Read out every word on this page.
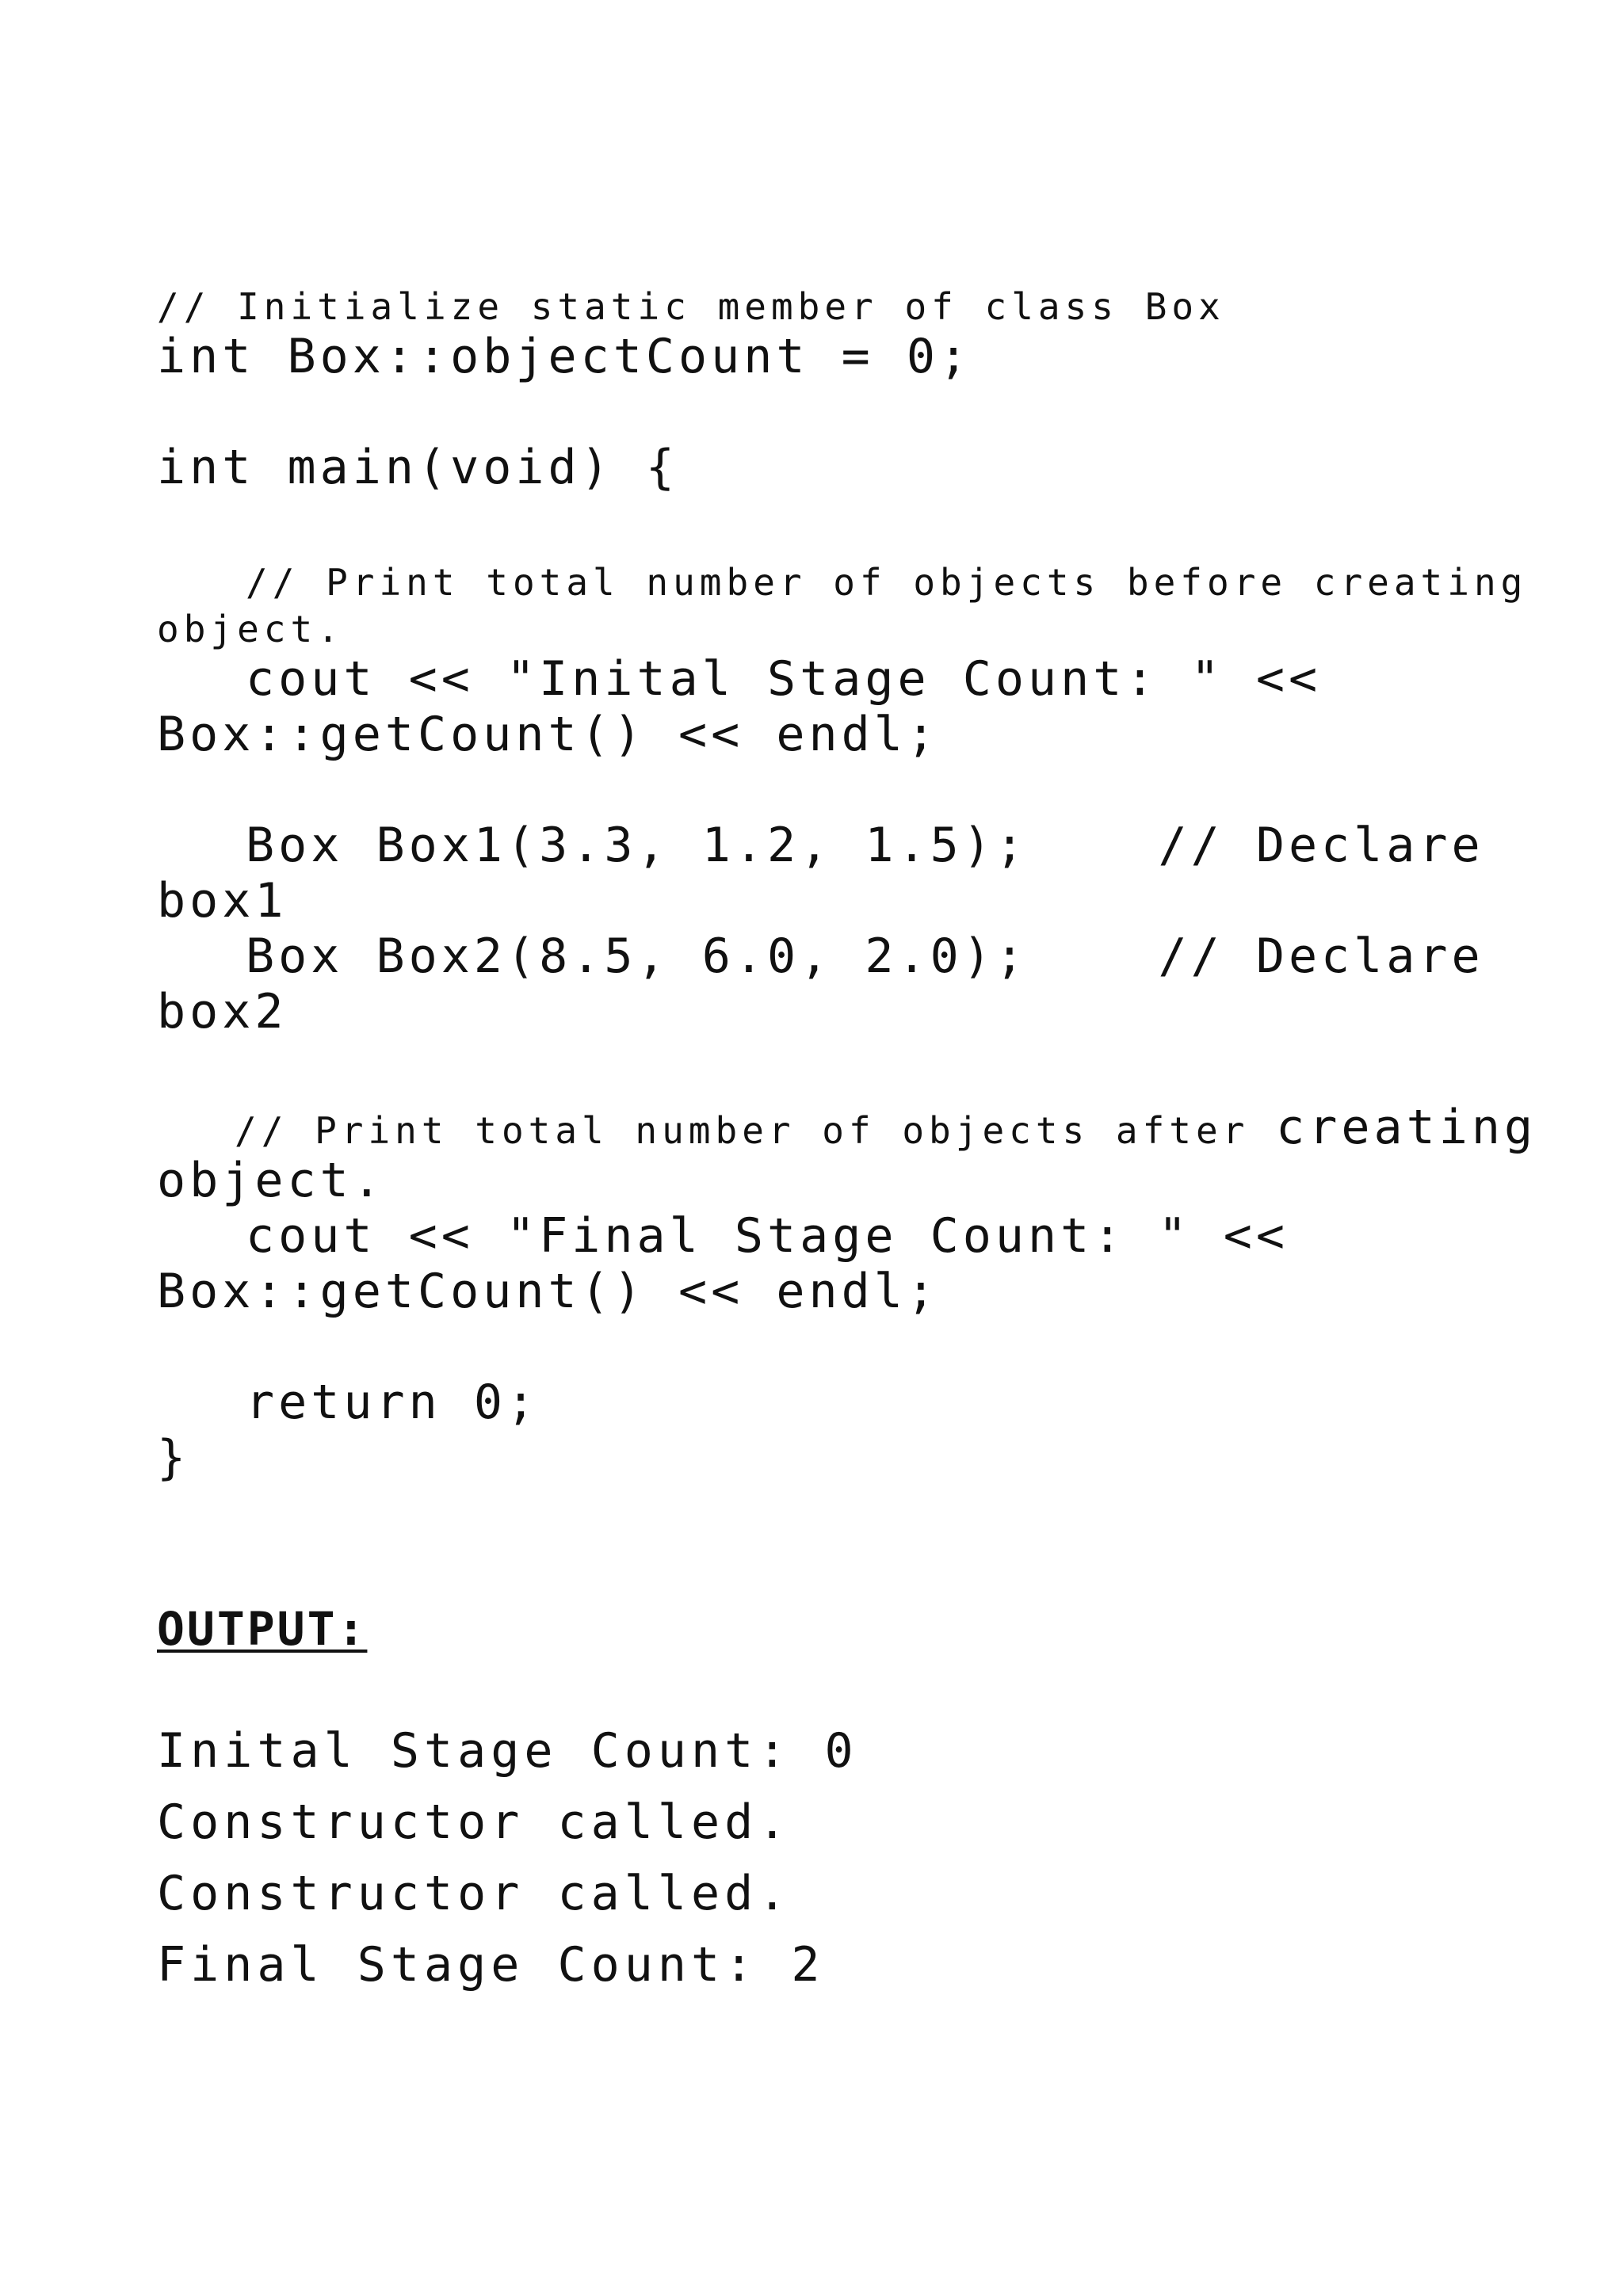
// Initialize static member of class Box
int Box::objectCount = 0;
int main(void) {
// Print total number of objects before creating
object.
cout << "Inital Stage Count: " <<
Box::getCount() << endl;
Box Box1(3.3, 1.2, 1.5);    // Declare
box1
Box Box2(8.5, 6.0, 2.0);    // Declare
box2
// Print total number of objects after creating
object.
cout << "Final Stage Count: " <<
Box::getCount() << endl;
return 0;
}
OUTPUT:
Inital Stage Count: 0
Constructor called.
Constructor called.
Final Stage Count: 2
